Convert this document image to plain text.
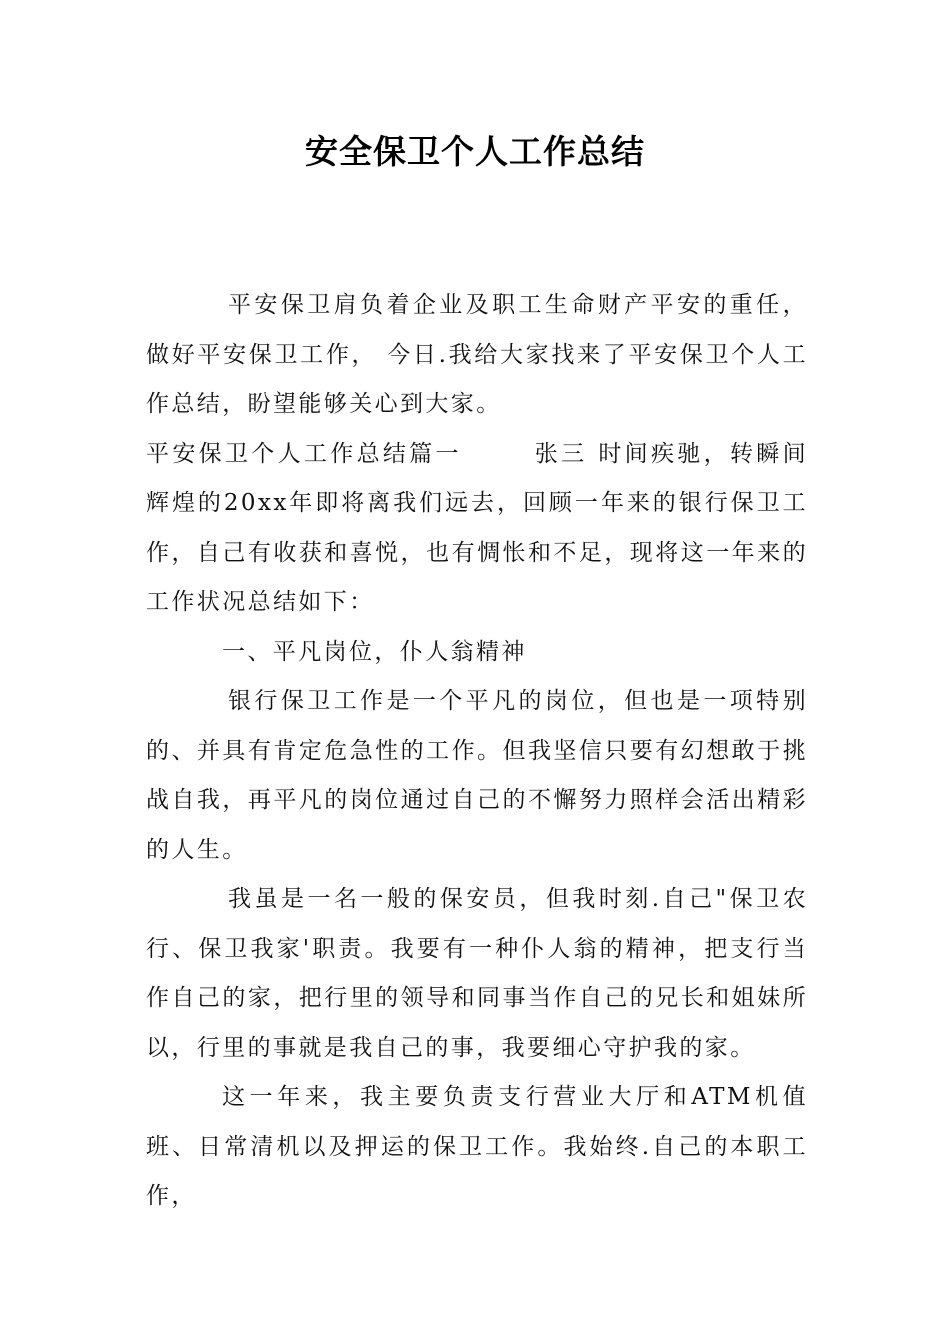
安全保卫个人工作总结

平安保卫肩负着企业及职工生命财产平安的重任，做好平安保卫工作， 今日.我给大家找来了平安保卫个人工作总结，盼望能够关心到大家。

平安保卫个人工作总结篇一	张三 时间疾驰，转瞬间辉煌的20xx年即将离我们远去，回顾一年来的银行保卫工作，自己有收获和喜悦，也有惆怅和不足，现将这一年来的工作状况总结如下：

一、平凡岗位，仆人翁精神

银行保卫工作是一个平凡的岗位，但也是一项特别的、并具有肯定危急性的工作。但我坚信只要有幻想敢于挑战自我，再平凡的岗位通过自己的不懈努力照样会活出精彩的人生。

我虽是一名一般的保安员，但我时刻.自己"保卫农行、保卫我家'职责。我要有一种仆人翁的精神，把支行当作自己的家，把行里的领导和同事当作自己的兄长和姐妹所以，行里的事就是我自己的事，我要细心守护我的家。

这一年来，我主要负责支行营业大厅和ATM机值班、日常清机以及押运的保卫工作。我始终.自己的本职工作，
